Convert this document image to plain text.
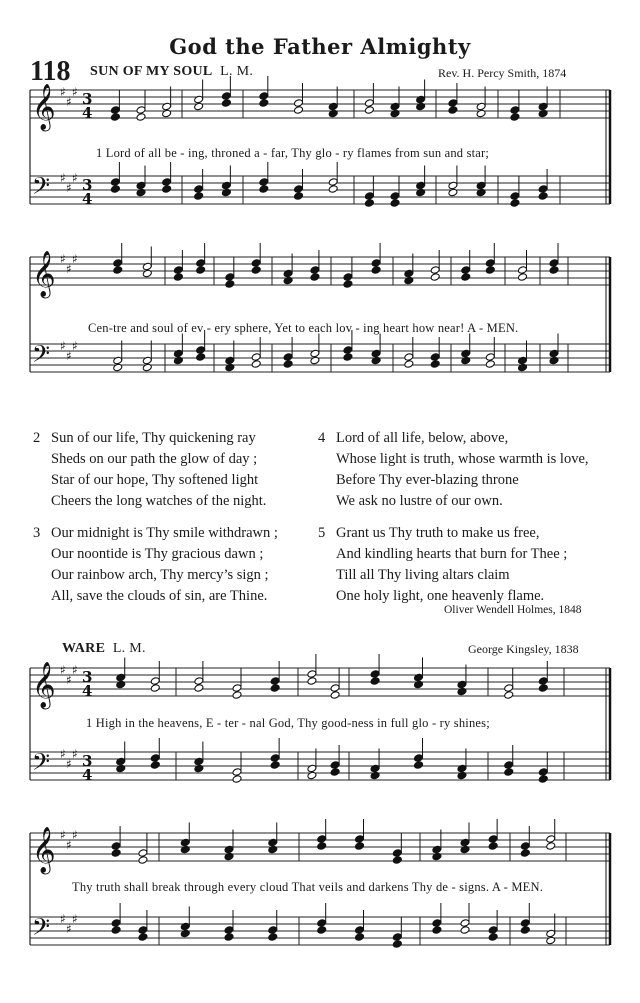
God the Father Almighty
118 SUN OF MY SOUL L. M.	Rev. H. Percy Smith, 1874
𝄞 ♯
♯
♯ 3
4
𝄢 ♯
♯
♯ 3
4
𝄞 ♯
♯
♯
𝄢 ♯
♯
♯
𝄞 ♯
♯
♯ 3
4
𝄢 ♯
♯
♯ 3
4
𝄞 ♯
♯
♯
𝄢 ♯
♯
♯
1 Lord of all be - ing, throned a - far, Thy glo - ry flames from sun and star;
Cen-tre and soul of ev - ery sphere, Yet to each lov - ing heart how near! A - MEN.
2 Sun of our life, Thy quickening ray
Sheds on our path the glow of day ;
Star of our hope, Thy softened light
Cheers the long watches of the night.
4 Lord of all life, below, above,
Whose light is truth, whose warmth is love,
Before Thy ever-blazing throne
We ask no lustre of our own.
3 Our midnight is Thy smile withdrawn ;
Our noontide is Thy gracious dawn ;
Our rainbow arch, Thy mercy’s sign ;
All, save the clouds of sin, are Thine.
5 Grant us Thy truth to make us free,
And kindling hearts that burn for Thee ;
Till all Thy living altars claim
One holy light, one heavenly flame.
Oliver Wendell Holmes, 1848
WARE L. M.	George Kingsley, 1838
1 High in the heavens, E - ter - nal God, Thy good-ness in full glo - ry shines;
Thy truth shall break through every cloud That veils and darkens Thy de - signs. A - MEN.
